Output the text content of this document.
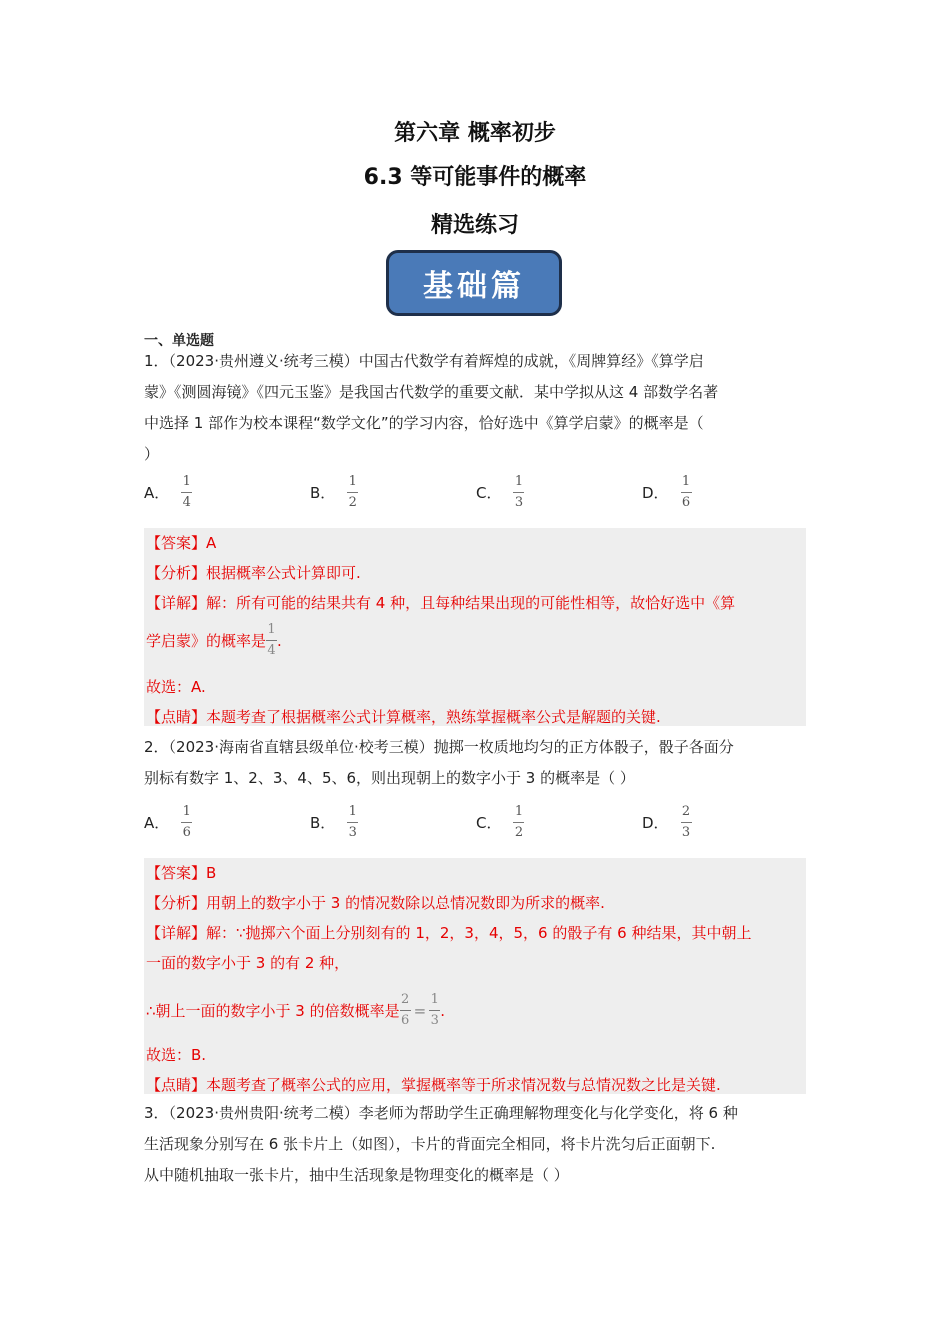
第六章 概率初步
6.3 等可能事件的概率
精选练习
基础篇
一、单选题
1．（2023·贵州遵义·统考三模）中国古代数学有着辉煌的成就，《周牌算经》《算学启
蒙》《测圆海镜》《四元玉鉴》是我国古代数学的重要文献．某中学拟从这 4 部数学名著
中选择 1 部作为校本课程“数学文化”的学习内容，恰好选中《算学启蒙》的概率是（
）
A． $\frac{1}{4}$	B． $\frac{1}{2}$	C． $\frac{1}{3}$	D． $\frac{1}{6}$
【答案】A
【分析】根据概率公式计算即可.
【详解】解：所有可能的结果共有 4 种，且每种结果出现的可能性相等，故恰好选中《算
学启蒙》的概率是 $\frac{1}{4}$ .
故选：A.
【点睛】本题考查了根据概率公式计算概率，熟练掌握概率公式是解题的关键.
2．（2023·海南省直辖县级单位·校考三模）抛掷一枚质地均匀的正方体骰子，骰子各面分
别标有数字 1、2、3、4、5、6，则出现朝上的数字小于 3 的概率是（ ）
A． $\frac{1}{6}$	B． $\frac{1}{3}$	C． $\frac{1}{2}$	D． $\frac{2}{3}$
【答案】B
【分析】用朝上的数字小于 3 的情况数除以总情况数即为所求的概率.
【详解】解：∵抛掷六个面上分别刻有的 1，2，3，4，5，6 的骰子有 6 种结果，其中朝上
一面的数字小于 3 的有 2 种，
∴朝上一面的数字小于 3 的倍数概率是 $\frac{2}{6} = \frac{1}{3}$ .
故选：B.
【点睛】本题考查了概率公式的应用，掌握概率等于所求情况数与总情况数之比是关键.
3．（2023·贵州贵阳·统考二模）李老师为帮助学生正确理解物理变化与化学变化，将 6 种
生活现象分别写在 6 张卡片上（如图），卡片的背面完全相同，将卡片洗匀后正面朝下.
从中随机抽取一张卡片，抽中生活现象是物理变化的概率是（ ）
